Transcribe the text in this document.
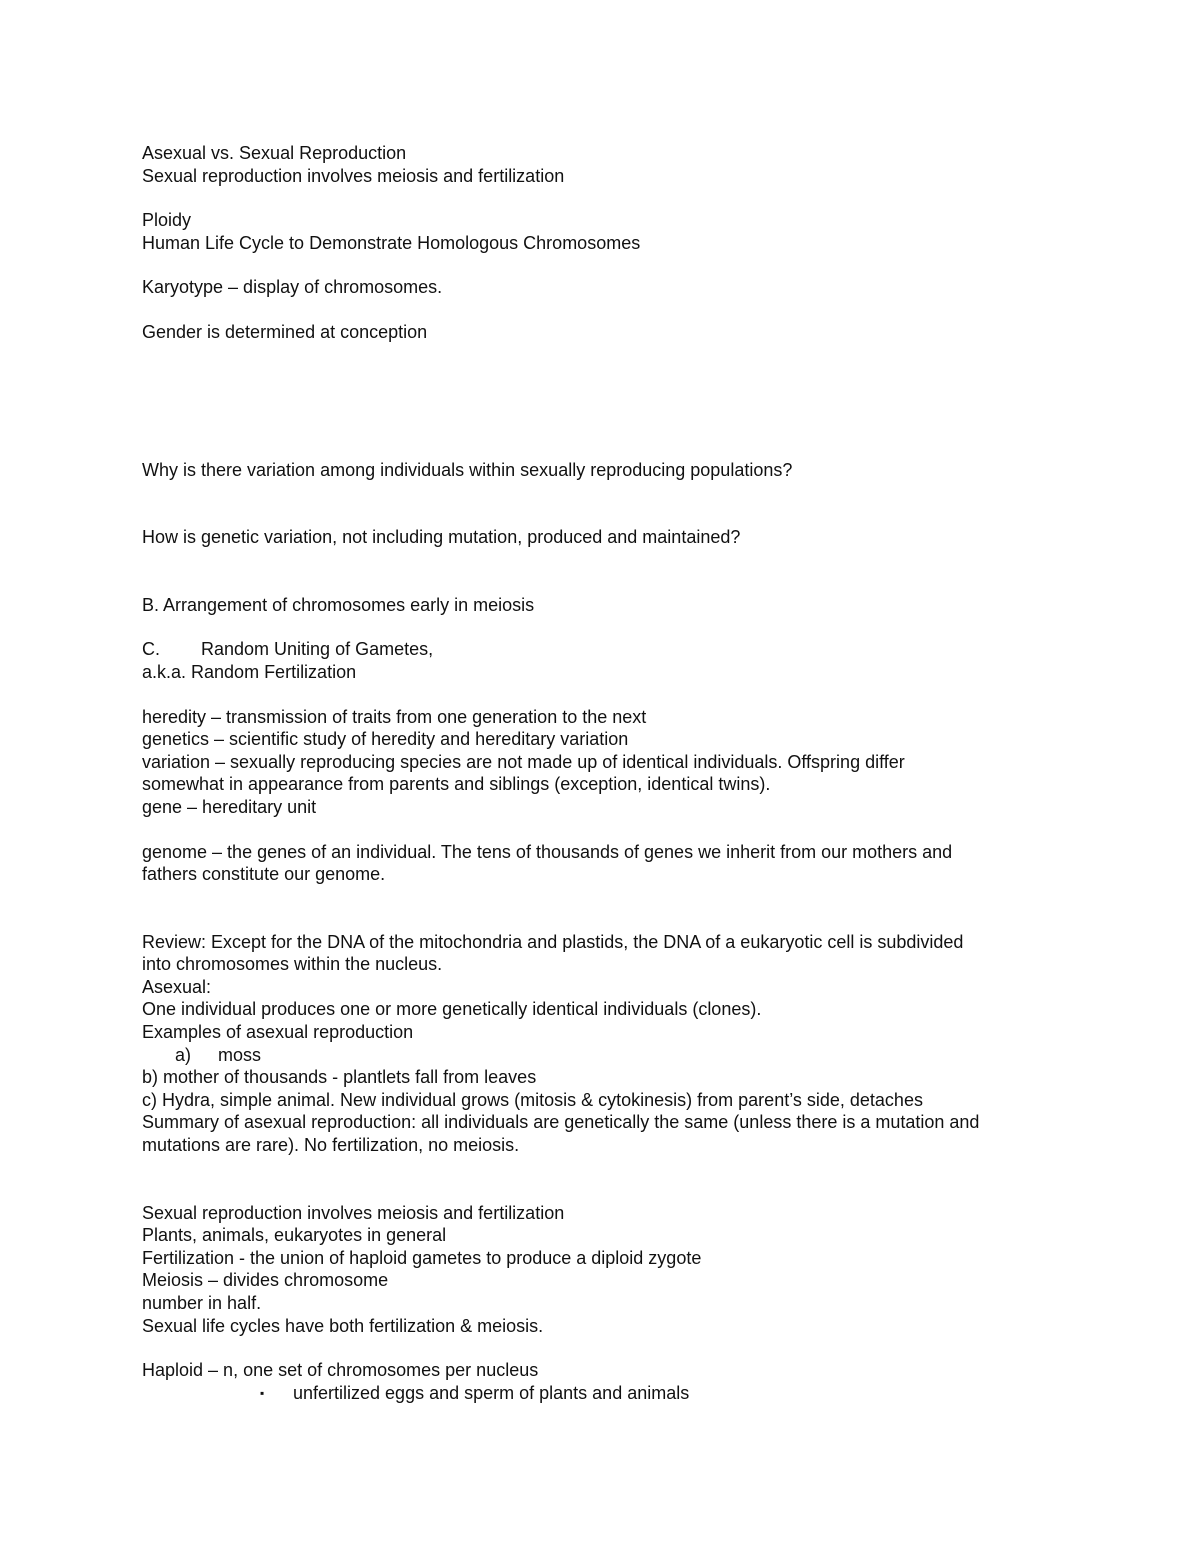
Asexual vs. Sexual Reproduction

Sexual reproduction involves meiosis and fertilization

Ploidy

Human Life Cycle to Demonstrate Homologous Chromosomes

Karyotype – display of chromosomes.

Gender is determined at conception

Why is there variation among individuals within sexually reproducing populations?

How is genetic variation, not including mutation, produced and maintained?

B. Arrangement of chromosomes early in meiosis

C. Random Uniting of Gametes,

a.k.a. Random Fertilization

heredity – transmission of traits from one generation to the next

genetics – scientific study of heredity and hereditary variation

variation – sexually reproducing species are not made up of identical individuals. Offspring differ

somewhat in appearance from parents and siblings (exception, identical twins).

gene – hereditary unit

genome – the genes of an individual. The tens of thousands of genes we inherit from our mothers and

fathers constitute our genome.

Review: Except for the DNA of the mitochondria and plastids, the DNA of a eukaryotic cell is subdivided

into chromosomes within the nucleus.

Asexual:

One individual produces one or more genetically identical individuals (clones).

Examples of asexual reproduction

a) moss

b) mother of thousands - plantlets fall from leaves

c) Hydra, simple animal. New individual grows (mitosis & cytokinesis) from parent’s side, detaches

Summary of asexual reproduction: all individuals are genetically the same (unless there is a mutation and

mutations are rare). No fertilization, no meiosis.

Sexual reproduction involves meiosis and fertilization

Plants, animals, eukaryotes in general

Fertilization - the union of haploid gametes to produce a diploid zygote

Meiosis – divides chromosome

number in half.

Sexual life cycles have both fertilization & meiosis.

Haploid – n, one set of chromosomes per nucleus

▪ unfertilized eggs and sperm of plants and animals
